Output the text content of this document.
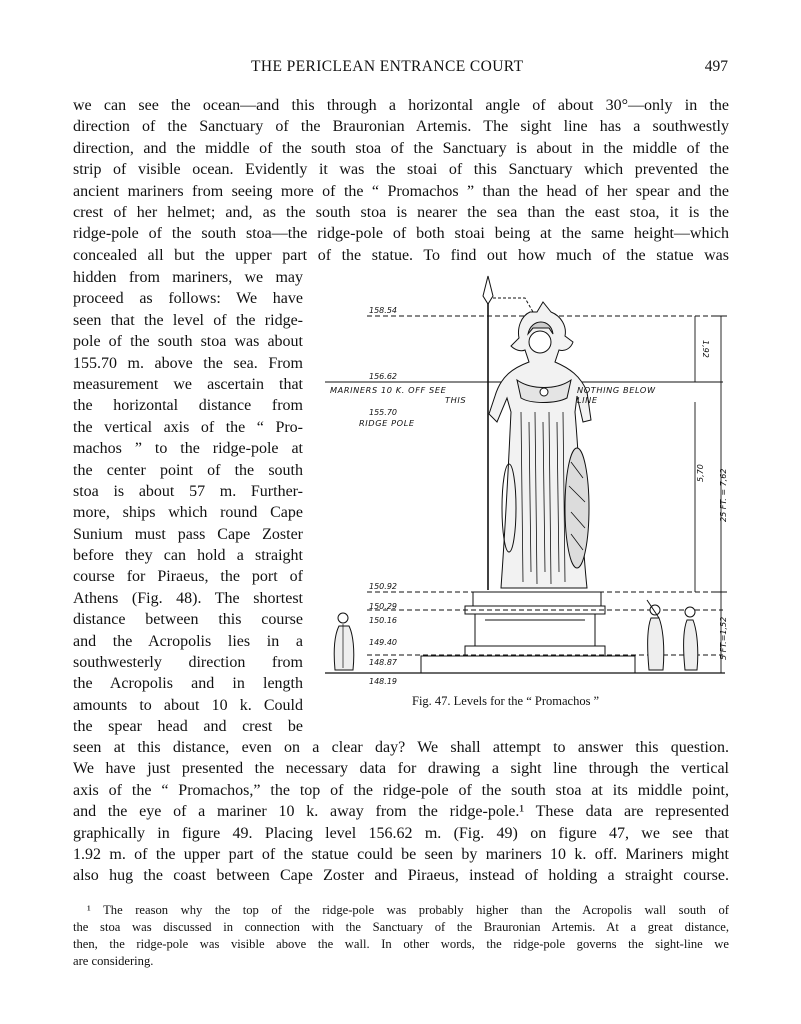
THE PERICLEAN ENTRANCE COURT	497
we can see the ocean—and this through a horizontal angle of about 30°—only in the
direction of the Sanctuary of the Brauronian Artemis. The sight line has a southwestly
direction, and the middle of the south stoa of the Sanctuary is about in the middle of the
strip of visible ocean. Evidently it was the stoai of this Sanctuary which prevented the
ancient mariners from seeing more of the “ Promachos ” than the head of her spear and the
crest of her helmet; and, as the south stoa is nearer the sea than the east stoa, it is the
ridge-pole of the south stoa—the ridge-pole of both stoai being at the same height—which
concealed all but the upper part of the statue. To find out how much of the statue was
hidden from mariners, we may
proceed as follows: We have
seen that the level of the ridge-
pole of the south stoa was about
155.70 m. above the sea. From
measurement we ascertain that
the horizontal distance from
the vertical axis of the “ Pro-
machos ” to the ridge-pole at
the center point of the south
stoa is about 57 m. Further-
more, ships which round Cape
Sunium must pass Cape Zoster
before they can hold a straight
course for Piraeus, the port of
Athens (Fig. 48). The shortest
distance between this course
and the Acropolis lies in a
southwesterly direction from
the Acropolis and in length
amounts to about 10 k. Could
the spear head and crest be
158.54
156.62
MARINERS 10 K. OFF SEE
THIS
155.70
RIDGE POLE
NOTHING BELOW
LINE
150.92
150.29
150.16
149.40
148.87
148.19
1,92
5,70 25 FT. = 7,62
5 FT.=1,52
Fig. 47. Levels for the “ Promachos ”
seen at this distance, even on a clear day? We shall attempt to answer this question.
We have just presented the necessary data for drawing a sight line through the vertical
axis of the “ Promachos,” the top of the ridge-pole of the south stoa at its middle point,
and the eye of a mariner 10 k. away from the ridge-pole.¹ These data are represented
graphically in figure 49. Placing level 156.62 m. (Fig. 49) on figure 47, we see that
1.92 m. of the upper part of the statue could be seen by mariners 10 k. off. Mariners might
also hug the coast between Cape Zoster and Piraeus, instead of holding a straight course.
¹ The reason why the top of the ridge-pole was probably higher than the Acropolis wall south of
the stoa was discussed in connection with the Sanctuary of the Brauronian Artemis. At a great distance,
then, the ridge-pole was visible above the wall. In other words, the ridge-pole governs the sight-line we
are considering.
